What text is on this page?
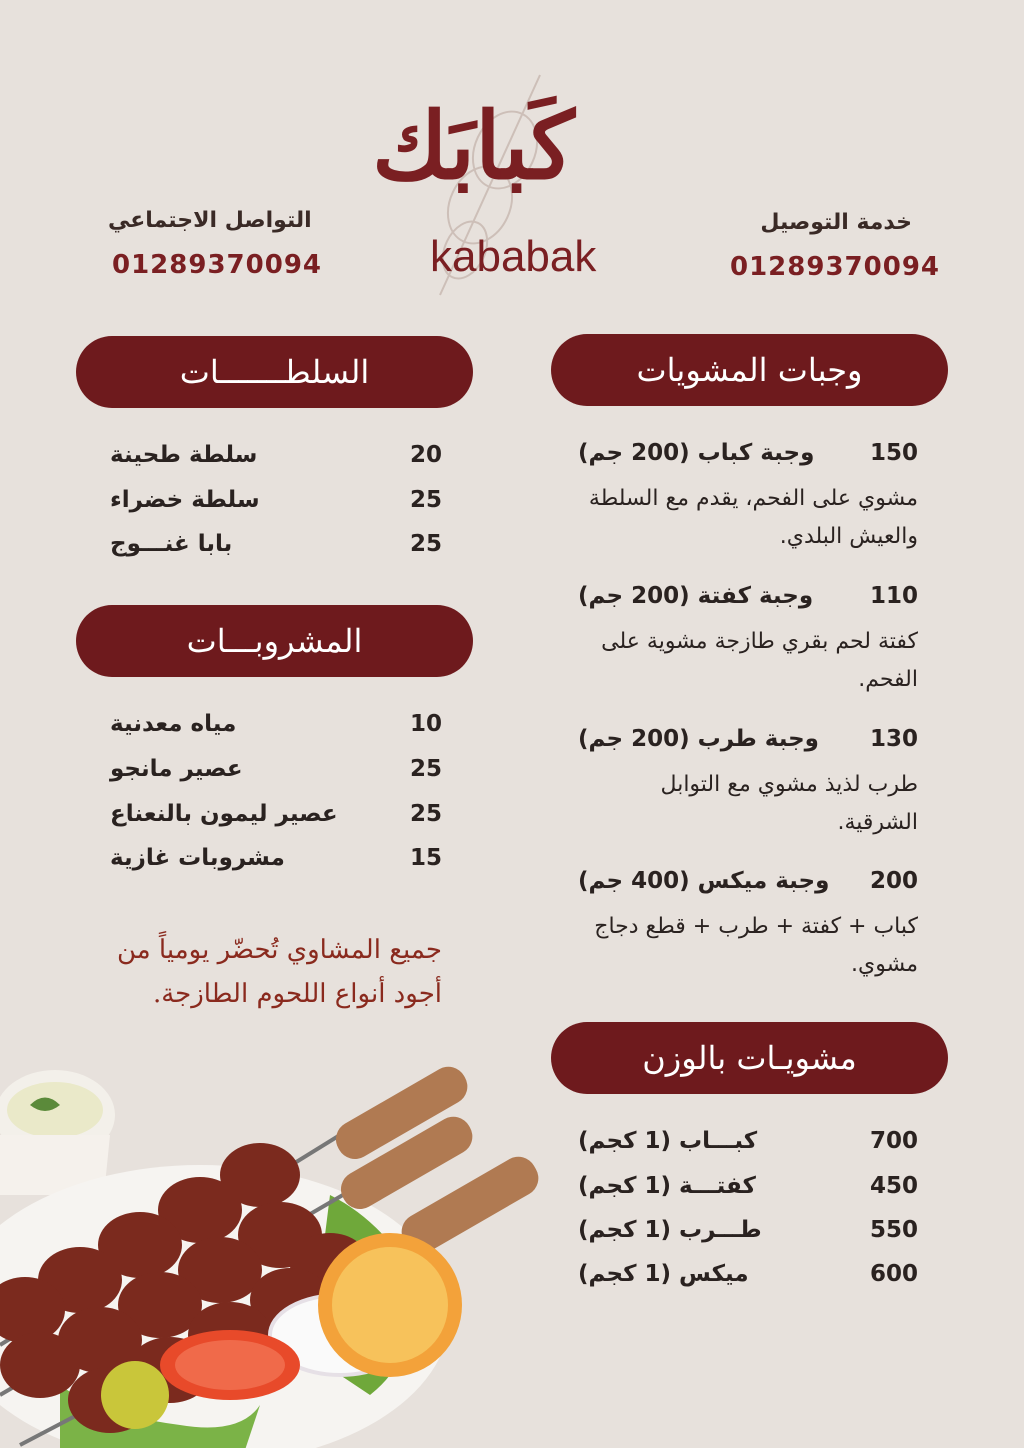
خدمة التوصيل
01289370094
التواصل الاجتماعي
01289370094
كَبابَك
kababak
وجبات المشويات
وجبة كباب (200 جم) 150
مشوي على الفحم، يقدم مع السلطة والعيش البلدي.
وجبة كفتة (200 جم) 110
كفتة لحم بقري طازجة مشوية على الفحم.
وجبة طرب (200 جم) 130
طرب لذيذ مشوي مع التوابل الشرقية.
وجبة ميكس (400 جم) 200
كباب + كفتة + طرب + قطع دجاج مشوي.
مشويـات بالوزن
كبـــاب (1 كجم)	700
كفتـــة (1 كجم)	450
طـــرب (1 كجم)	550
ميكس (1 كجم)	600
السلطـــــــات
سلطة طحينة	20
سلطة خضراء	25
بابا غنـــوج	25
المشروبـــات
مياه معدنية	10
عصير مانجو	25
عصير ليمون بالنعناع	25
مشروبات غازية	15
جميع المشاوي تُحضّر يومياً من
أجود أنواع اللحوم الطازجة.
